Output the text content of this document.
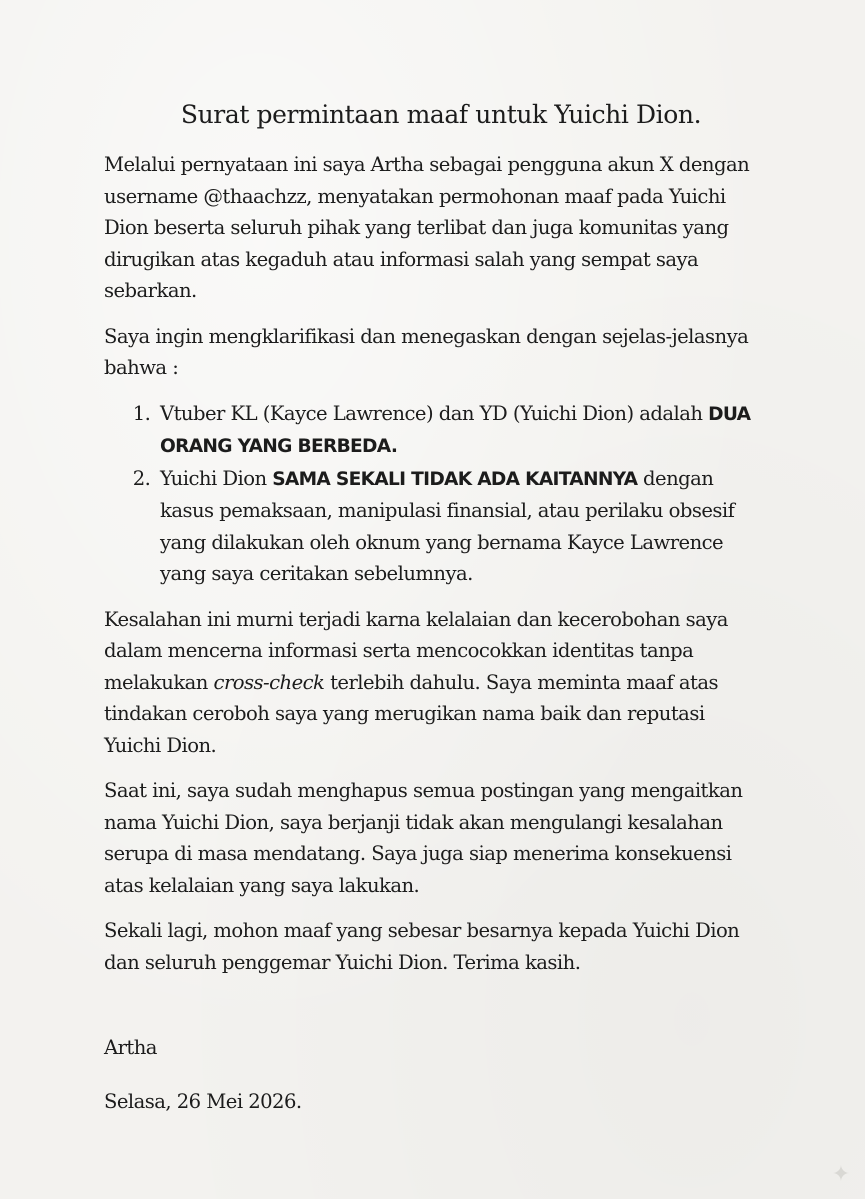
Surat permintaan maaf untuk Yuichi Dion.

Melalui pernyataan ini saya Artha sebagai pengguna akun X dengan username @thaachzz, menyatakan permohonan maaf pada Yuichi Dion beserta seluruh pihak yang terlibat dan juga komunitas yang dirugikan atas kegaduh atau informasi salah yang sempat saya sebarkan.

Saya ingin mengklarifikasi dan menegaskan dengan sejelas-jelasnya bahwa :

1. Vtuber KL (Kayce Lawrence) dan YD (Yuichi Dion) adalah DUA ORANG YANG BERBEDA.
2. Yuichi Dion SAMA SEKALI TIDAK ADA KAITANNYA dengan kasus pemaksaan, manipulasi finansial, atau perilaku obsesif yang dilakukan oleh oknum yang bernama Kayce Lawrence yang saya ceritakan sebelumnya.

Kesalahan ini murni terjadi karna kelalaian dan kecerobohan saya dalam mencerna informasi serta mencocokkan identitas tanpa melakukan cross-check terlebih dahulu. Saya meminta maaf atas tindakan ceroboh saya yang merugikan nama baik dan reputasi Yuichi Dion.

Saat ini, saya sudah menghapus semua postingan yang mengaitkan nama Yuichi Dion, saya berjanji tidak akan mengulangi kesalahan serupa di masa mendatang. Saya juga siap menerima konsekuensi atas kelalaian yang saya lakukan.

Sekali lagi, mohon maaf yang sebesar besarnya kepada Yuichi Dion dan seluruh penggemar Yuichi Dion. Terima kasih.

Artha

Selasa, 26 Mei 2026.

✦
